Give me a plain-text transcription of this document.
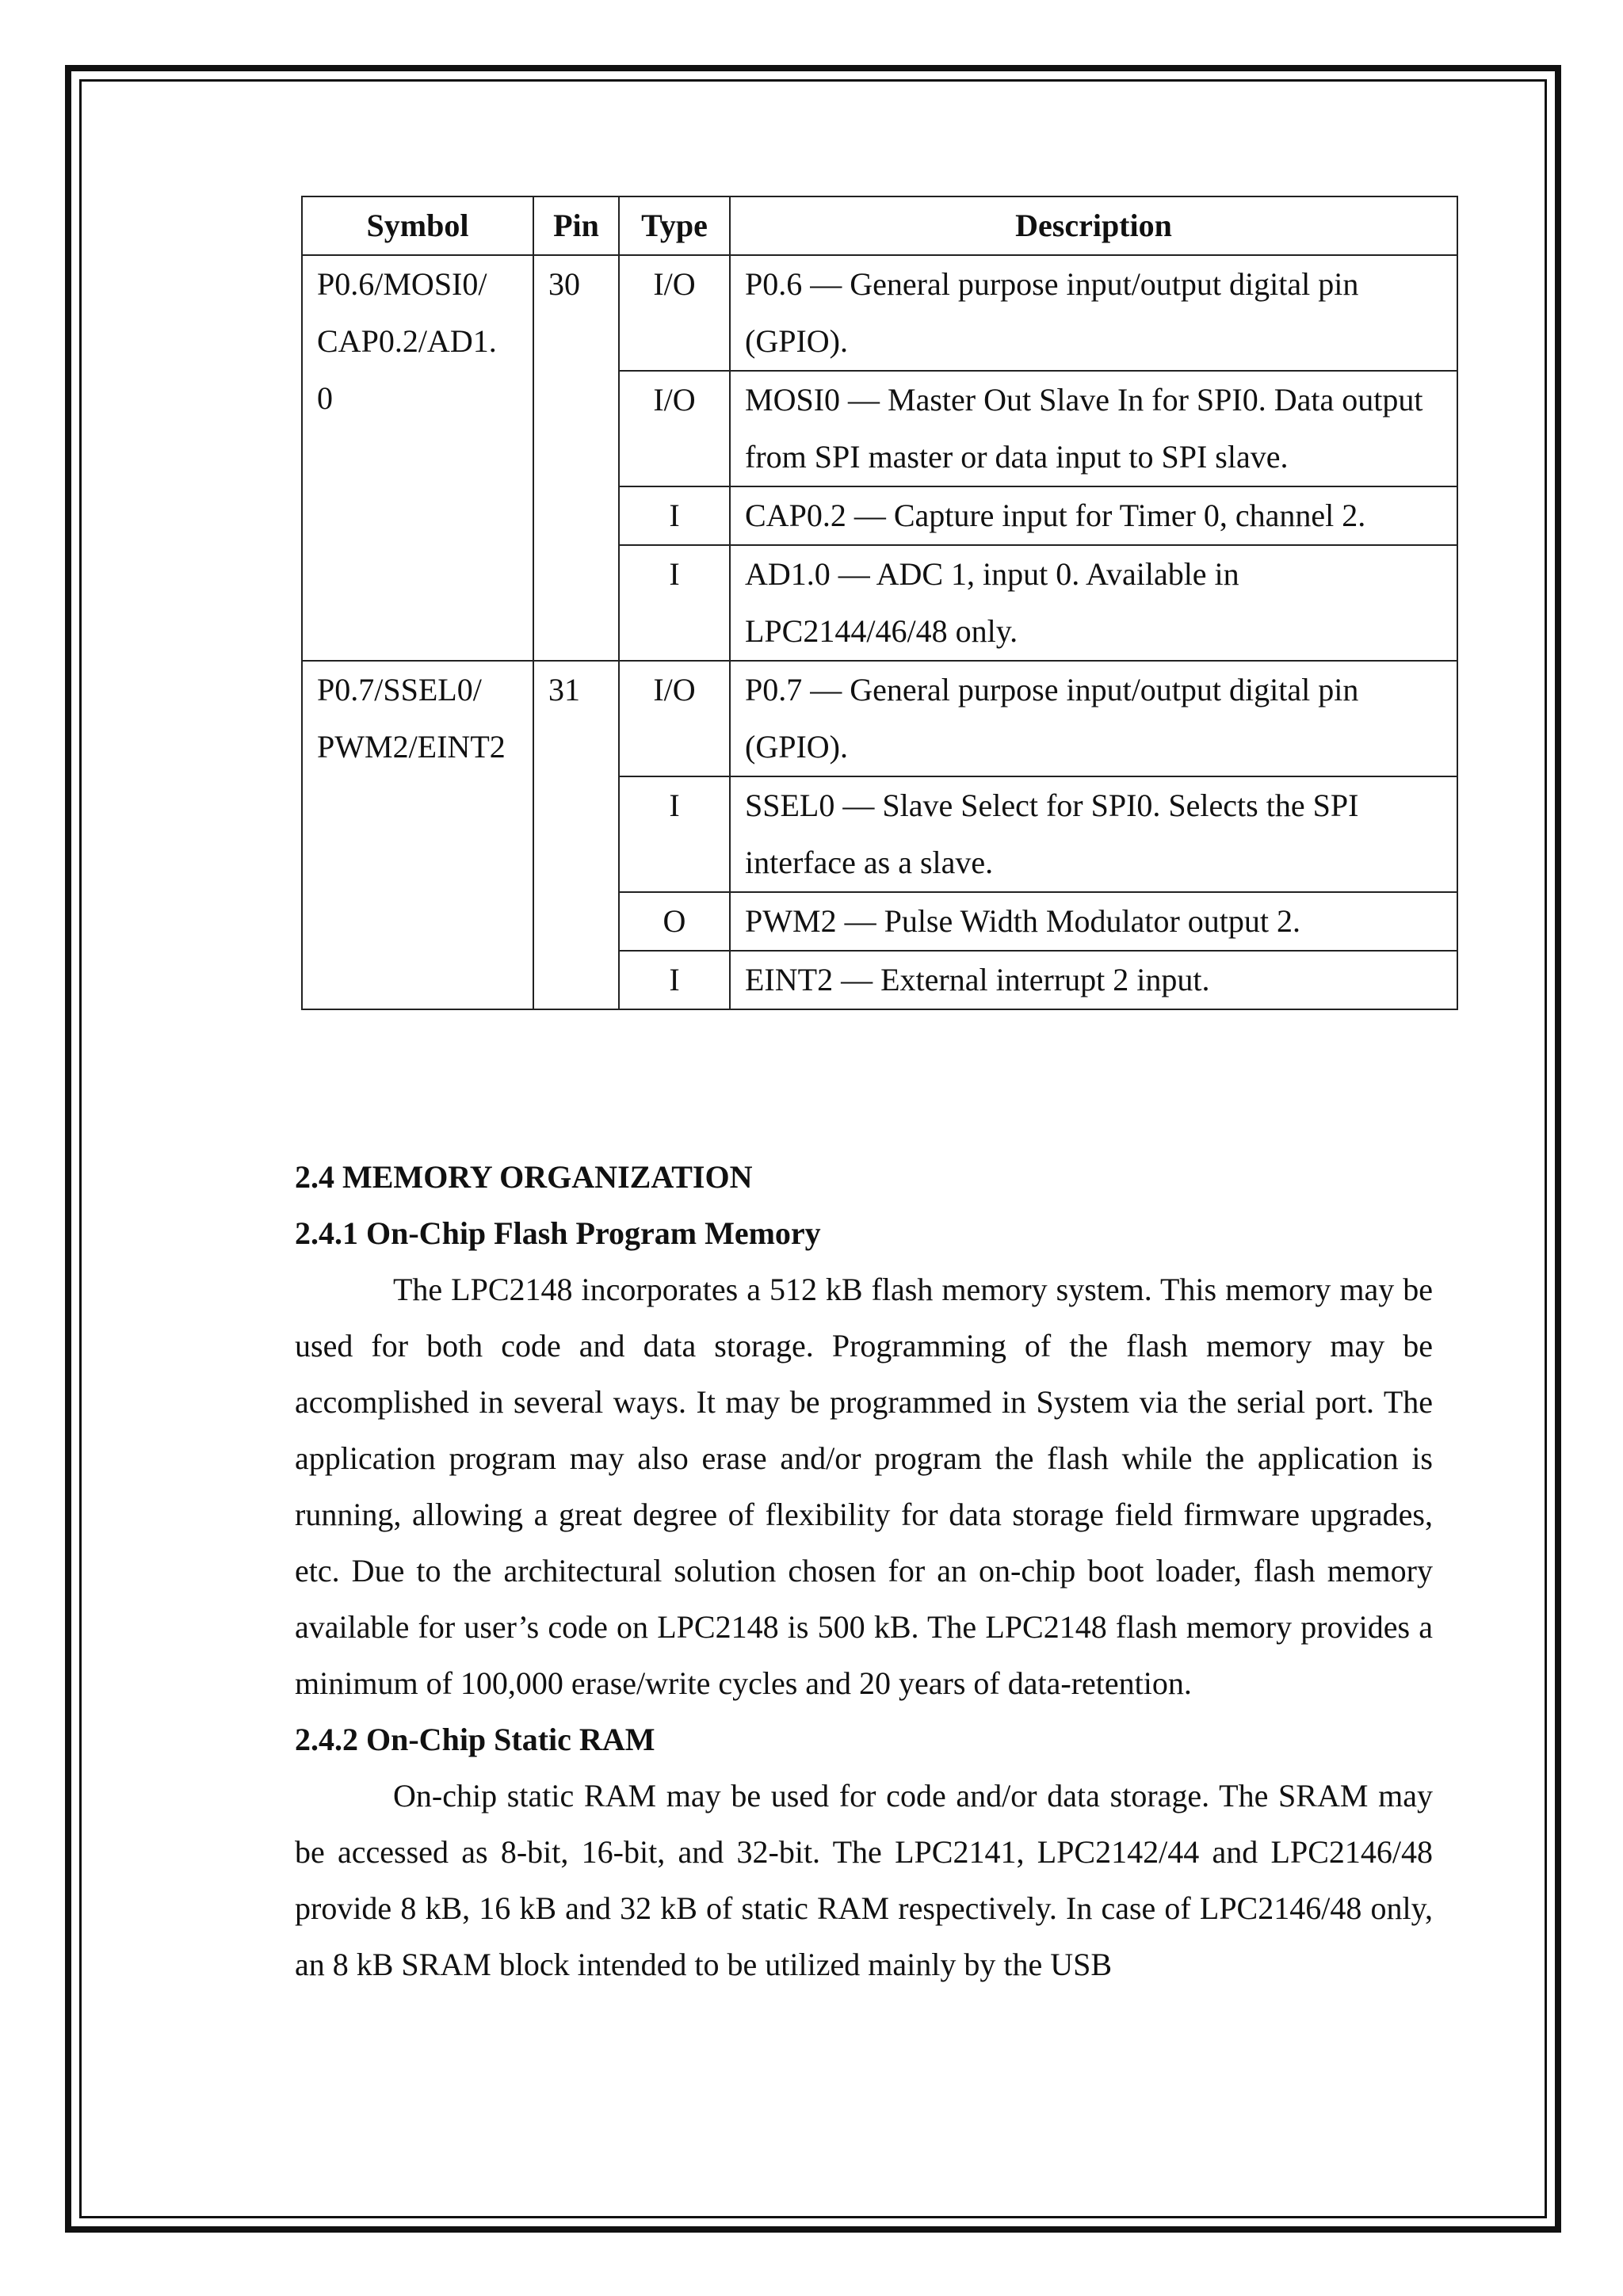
Symbol	Pin	Type	Description

P0.6/MOSI0/
CAP0.2/AD1.
0	30	I/O	P0.6 — General purpose input/output digital pin (GPIO).
		I/O	MOSI0 — Master Out Slave In for SPI0. Data output from SPI master or data input to SPI slave.
		I	CAP0.2 — Capture input for Timer 0, channel 2.
		I	AD1.0 — ADC 1, input 0. Available in LPC2144/46/48 only.

P0.7/SSEL0/
PWM2/EINT2	31	I/O	P0.7 — General purpose input/output digital pin (GPIO).
		I	SSEL0 — Slave Select for SPI0. Selects the SPI interface as a slave.
		O	PWM2 — Pulse Width Modulator output 2.
		I	EINT2 — External interrupt 2 input.
2.4 MEMORY ORGANIZATION
2.4.1 On-Chip Flash Program Memory

The LPC2148 incorporates a 512 kB flash memory system. This memory may be used for both code and data storage. Programming of the flash memory may be accomplished in several ways. It may be programmed in System via the serial port. The application program may also erase and/or program the flash while the application is running, allowing a great degree of flexibility for data storage field firmware upgrades, etc. Due to the architectural solution chosen for an on-chip boot loader, flash memory available for user’s code on LPC2148 is 500 kB. The LPC2148 flash memory provides a minimum of 100,000 erase/write cycles and 20 years of data-retention.

2.4.2 On-Chip Static RAM

On-chip static RAM may be used for code and/or data storage. The SRAM may be accessed as 8-bit, 16-bit, and 32-bit. The LPC2141, LPC2142/44 and LPC2146/48 provide 8 kB, 16 kB and 32 kB of static RAM respectively. In case of LPC2146/48 only, an 8 kB SRAM block intended to be utilized mainly by the USB
